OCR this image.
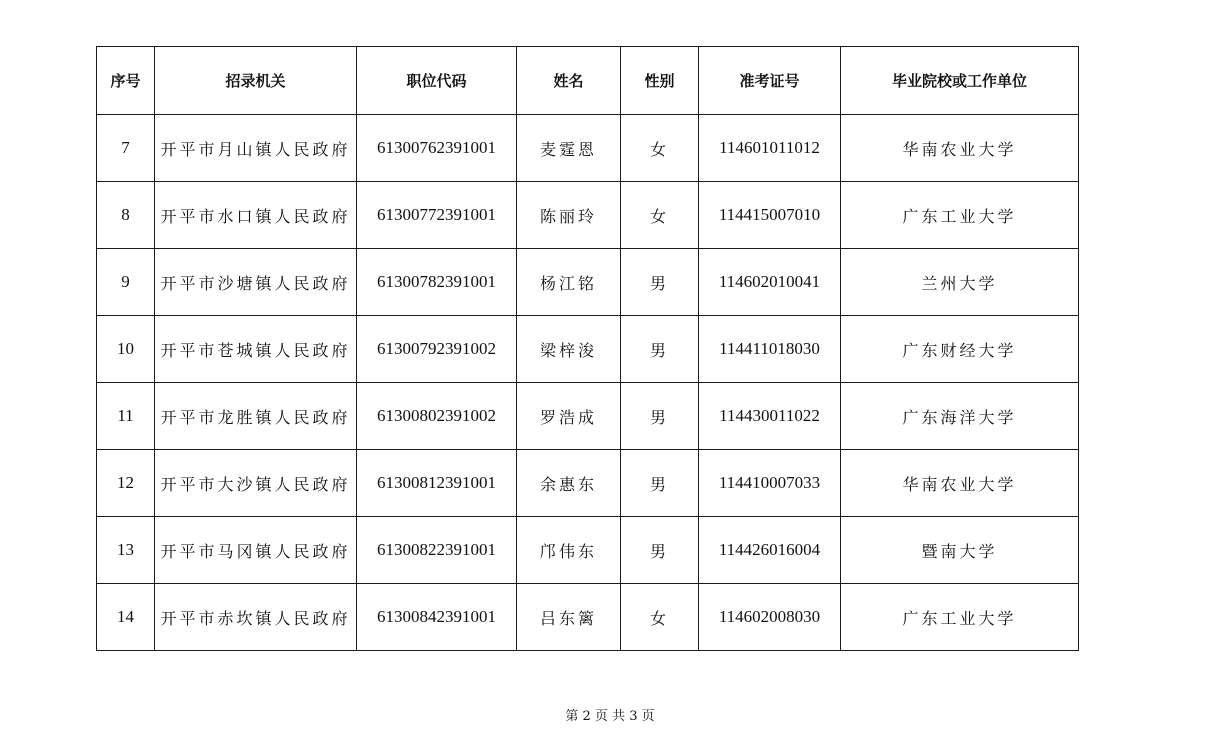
序号	招录机关	职位代码	姓名	性别	准考证号	毕业院校或工作单位
7	开平市月山镇人民政府	61300762391001	麦霆恩	女	114601011012	华南农业大学
8	开平市水口镇人民政府	61300772391001	陈丽玲	女	114415007010	广东工业大学
9	开平市沙塘镇人民政府	61300782391001	杨江铭	男	114602010041	兰州大学
10	开平市苍城镇人民政府	61300792391002	梁梓浚	男	114411018030	广东财经大学
11	开平市龙胜镇人民政府	61300802391002	罗浩成	男	114430011022	广东海洋大学
12	开平市大沙镇人民政府	61300812391001	余惠东	男	114410007033	华南农业大学
13	开平市马冈镇人民政府	61300822391001	邝伟东	男	114426016004	暨南大学
14	开平市赤坎镇人民政府	61300842391001	吕东篱	女	114602008030	广东工业大学
第 2 页 共 3 页
